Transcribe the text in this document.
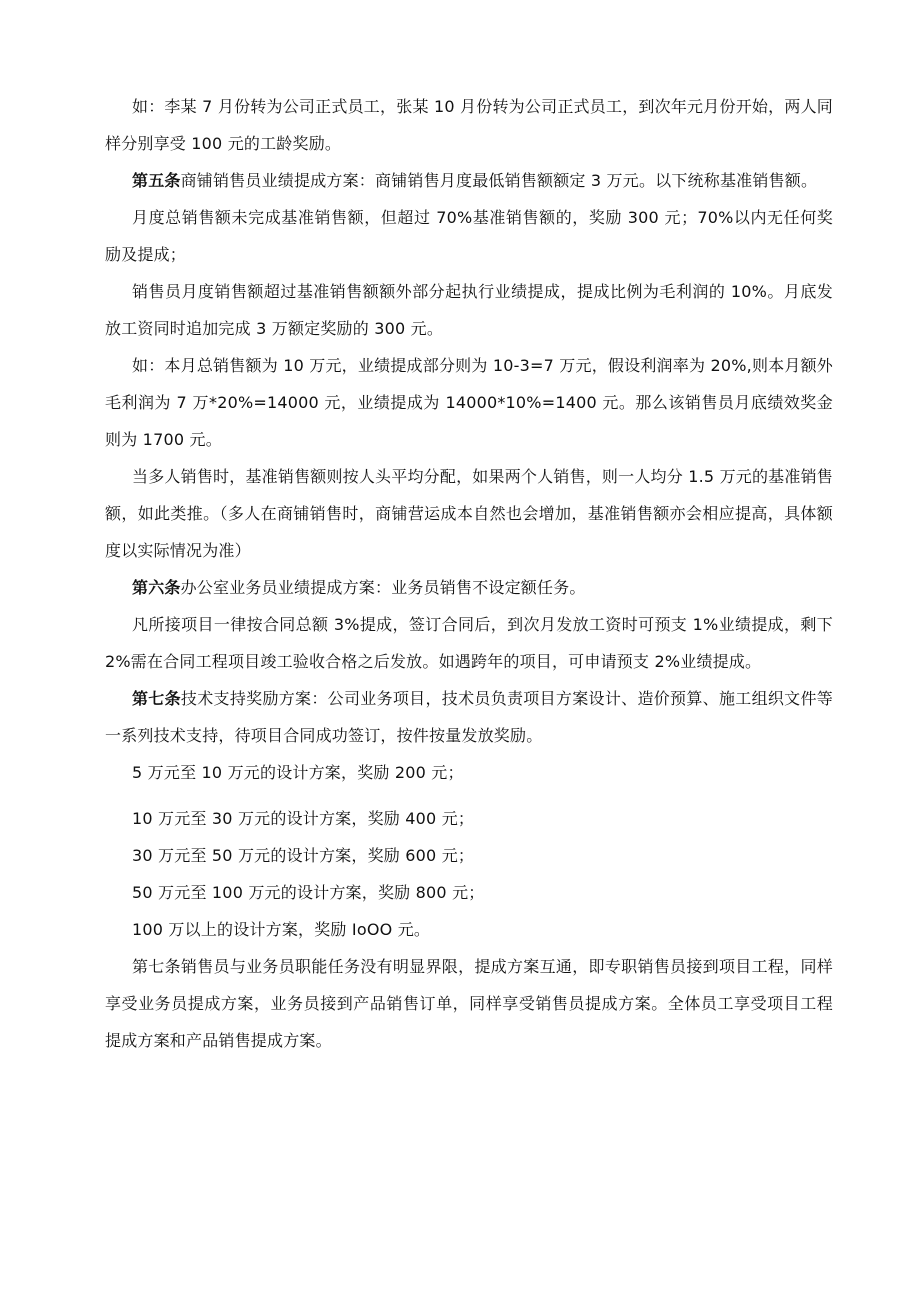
如：李某 7 月份转为公司正式员工，张某 10 月份转为公司正式员工，到次年元月份开始，两人同样分别享受 100 元的工龄奖励。

第五条商铺销售员业绩提成方案：商铺销售月度最低销售额额定 3 万元。以下统称基准销售额。

月度总销售额未完成基准销售额，但超过 70%基准销售额的，奖励 300 元；70%以内无任何奖励及提成；

销售员月度销售额超过基准销售额额外部分起执行业绩提成，提成比例为毛利润的 10%。月底发放工资同时追加完成 3 万额定奖励的 300 元。

如：本月总销售额为 10 万元，业绩提成部分则为 10-3=7 万元，假设利润率为 20%,则本月额外毛利润为 7 万*20%=14000 元，业绩提成为 14000*10%=1400 元。那么该销售员月底绩效奖金则为 1700 元。

当多人销售时，基准销售额则按人头平均分配，如果两个人销售，则一人均分 1.5 万元的基准销售额，如此类推。（多人在商铺销售时，商铺营运成本自然也会增加，基准销售额亦会相应提高，具体额度以实际情况为准）

第六条办公室业务员业绩提成方案：业务员销售不设定额任务。

凡所接项目一律按合同总额 3%提成，签订合同后，到次月发放工资时可预支 1%业绩提成，剩下 2%需在合同工程项目竣工验收合格之后发放。如遇跨年的项目，可申请预支 2%业绩提成。

第七条技术支持奖励方案：公司业务项目，技术员负责项目方案设计、造价预算、施工组织文件等一系列技术支持，待项目合同成功签订，按件按量发放奖励。

5 万元至 10 万元的设计方案，奖励 200 元；

10 万元至 30 万元的设计方案，奖励 400 元；

30 万元至 50 万元的设计方案，奖励 600 元；

50 万元至 100 万元的设计方案，奖励 800 元；

100 万以上的设计方案，奖励 IoOO 元。

第七条销售员与业务员职能任务没有明显界限，提成方案互通，即专职销售员接到项目工程，同样享受业务员提成方案，业务员接到产品销售订单，同样享受销售员提成方案。全体员工享受项目工程提成方案和产品销售提成方案。
